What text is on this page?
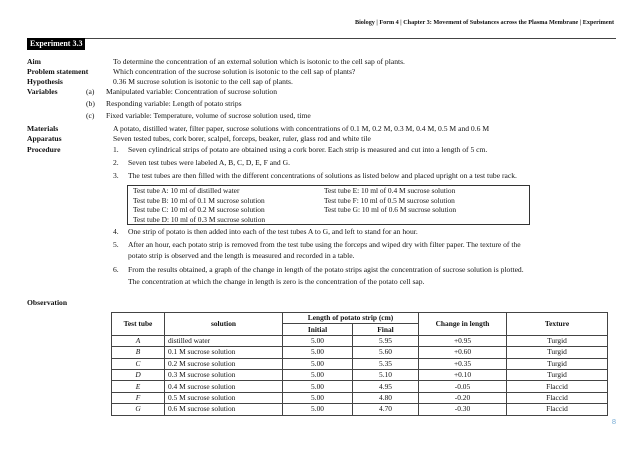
Biology | Form 4 | Chapter 3: Movement of Substances across the Plasma Membrane | Experiment
Experiment 3.3
Aim	To determine the concentration of an external solution which is isotonic to the cell sap of plants.
Problem statement	Which concentration of the sucrose solution is isotonic to the cell sap of plants?
Hypothesis	0.36 M sucrose solution is isotonic to the cell sap of plants.
Variables	(a) Manipulated variable: Concentration of sucrose solution
(b) Responding variable: Length of potato strips
(c) Fixed variable: Temperature, volume of sucrose solution used, time
Materials	A potato, distilled water, filter paper, sucrose solutions with concentrations of 0.1 M, 0.2 M, 0.3 M, 0.4 M, 0.5 M and 0.6 M
Apparatus	Seven tested tubes, cork borer, scalpel, forceps, beaker, ruler, glass rod and white tile
Procedure	1. Seven cylindrical strips of potato are obtained using a cork borer. Each strip is measured and cut into a length of 5 cm.
2. Seven test tubes were labeled A, B, C, D, E, F and G.
3. The test tubes are then filled with the different concentrations of solutions as listed below and placed upright on a test tube rack.
Test tube A: 10 ml of distilled water
Test tube B: 10 ml of 0.1 M sucrose solution
Test tube C: 10 ml of 0.2 M sucrose solution
Test tube D: 10 ml of 0.3 M sucrose solution
Test tube E: 10 ml of 0.4 M sucrose solution
Test tube F: 10 ml of 0.5 M sucrose solution
Test tube G: 10 ml of 0.6 M sucrose solution
4. One strip of potato is then added into each of the test tubes A to G, and left to stand for an hour.
5. After an hour, each potato strip is removed from the test tube using the forceps and wiped dry with filter paper. The texture of the
potato strip is observed and the length is measured and recorded in a table.
6. From the results obtained, a graph of the change in length of the potato strips agist the concentration of sucrose solution is plotted.
The concentration at which the change in length is zero is the concentration of the potato cell sap.
Observation
Test tube	solution	Length of potato strip (cm)		Change in length	Texture
		Initial	Final		
A	distilled water	5.00	5.95	+0.95	Turgid
B	0.1 M sucrose solution	5.00	5.60	+0.60	Turgid
C	0.2 M sucrose solution	5.00	5.35	+0.35	Turgid
D	0.3 M sucrose solution	5.00	5.10	+0.10	Turgid
E	0.4 M sucrose solution	5.00	4.95	-0.05	Flaccid
F	0.5 M sucrose solution	5.00	4.80	-0.20	Flaccid
G	0.6 M sucrose solution	5.00	4.70	-0.30	Flaccid
8
